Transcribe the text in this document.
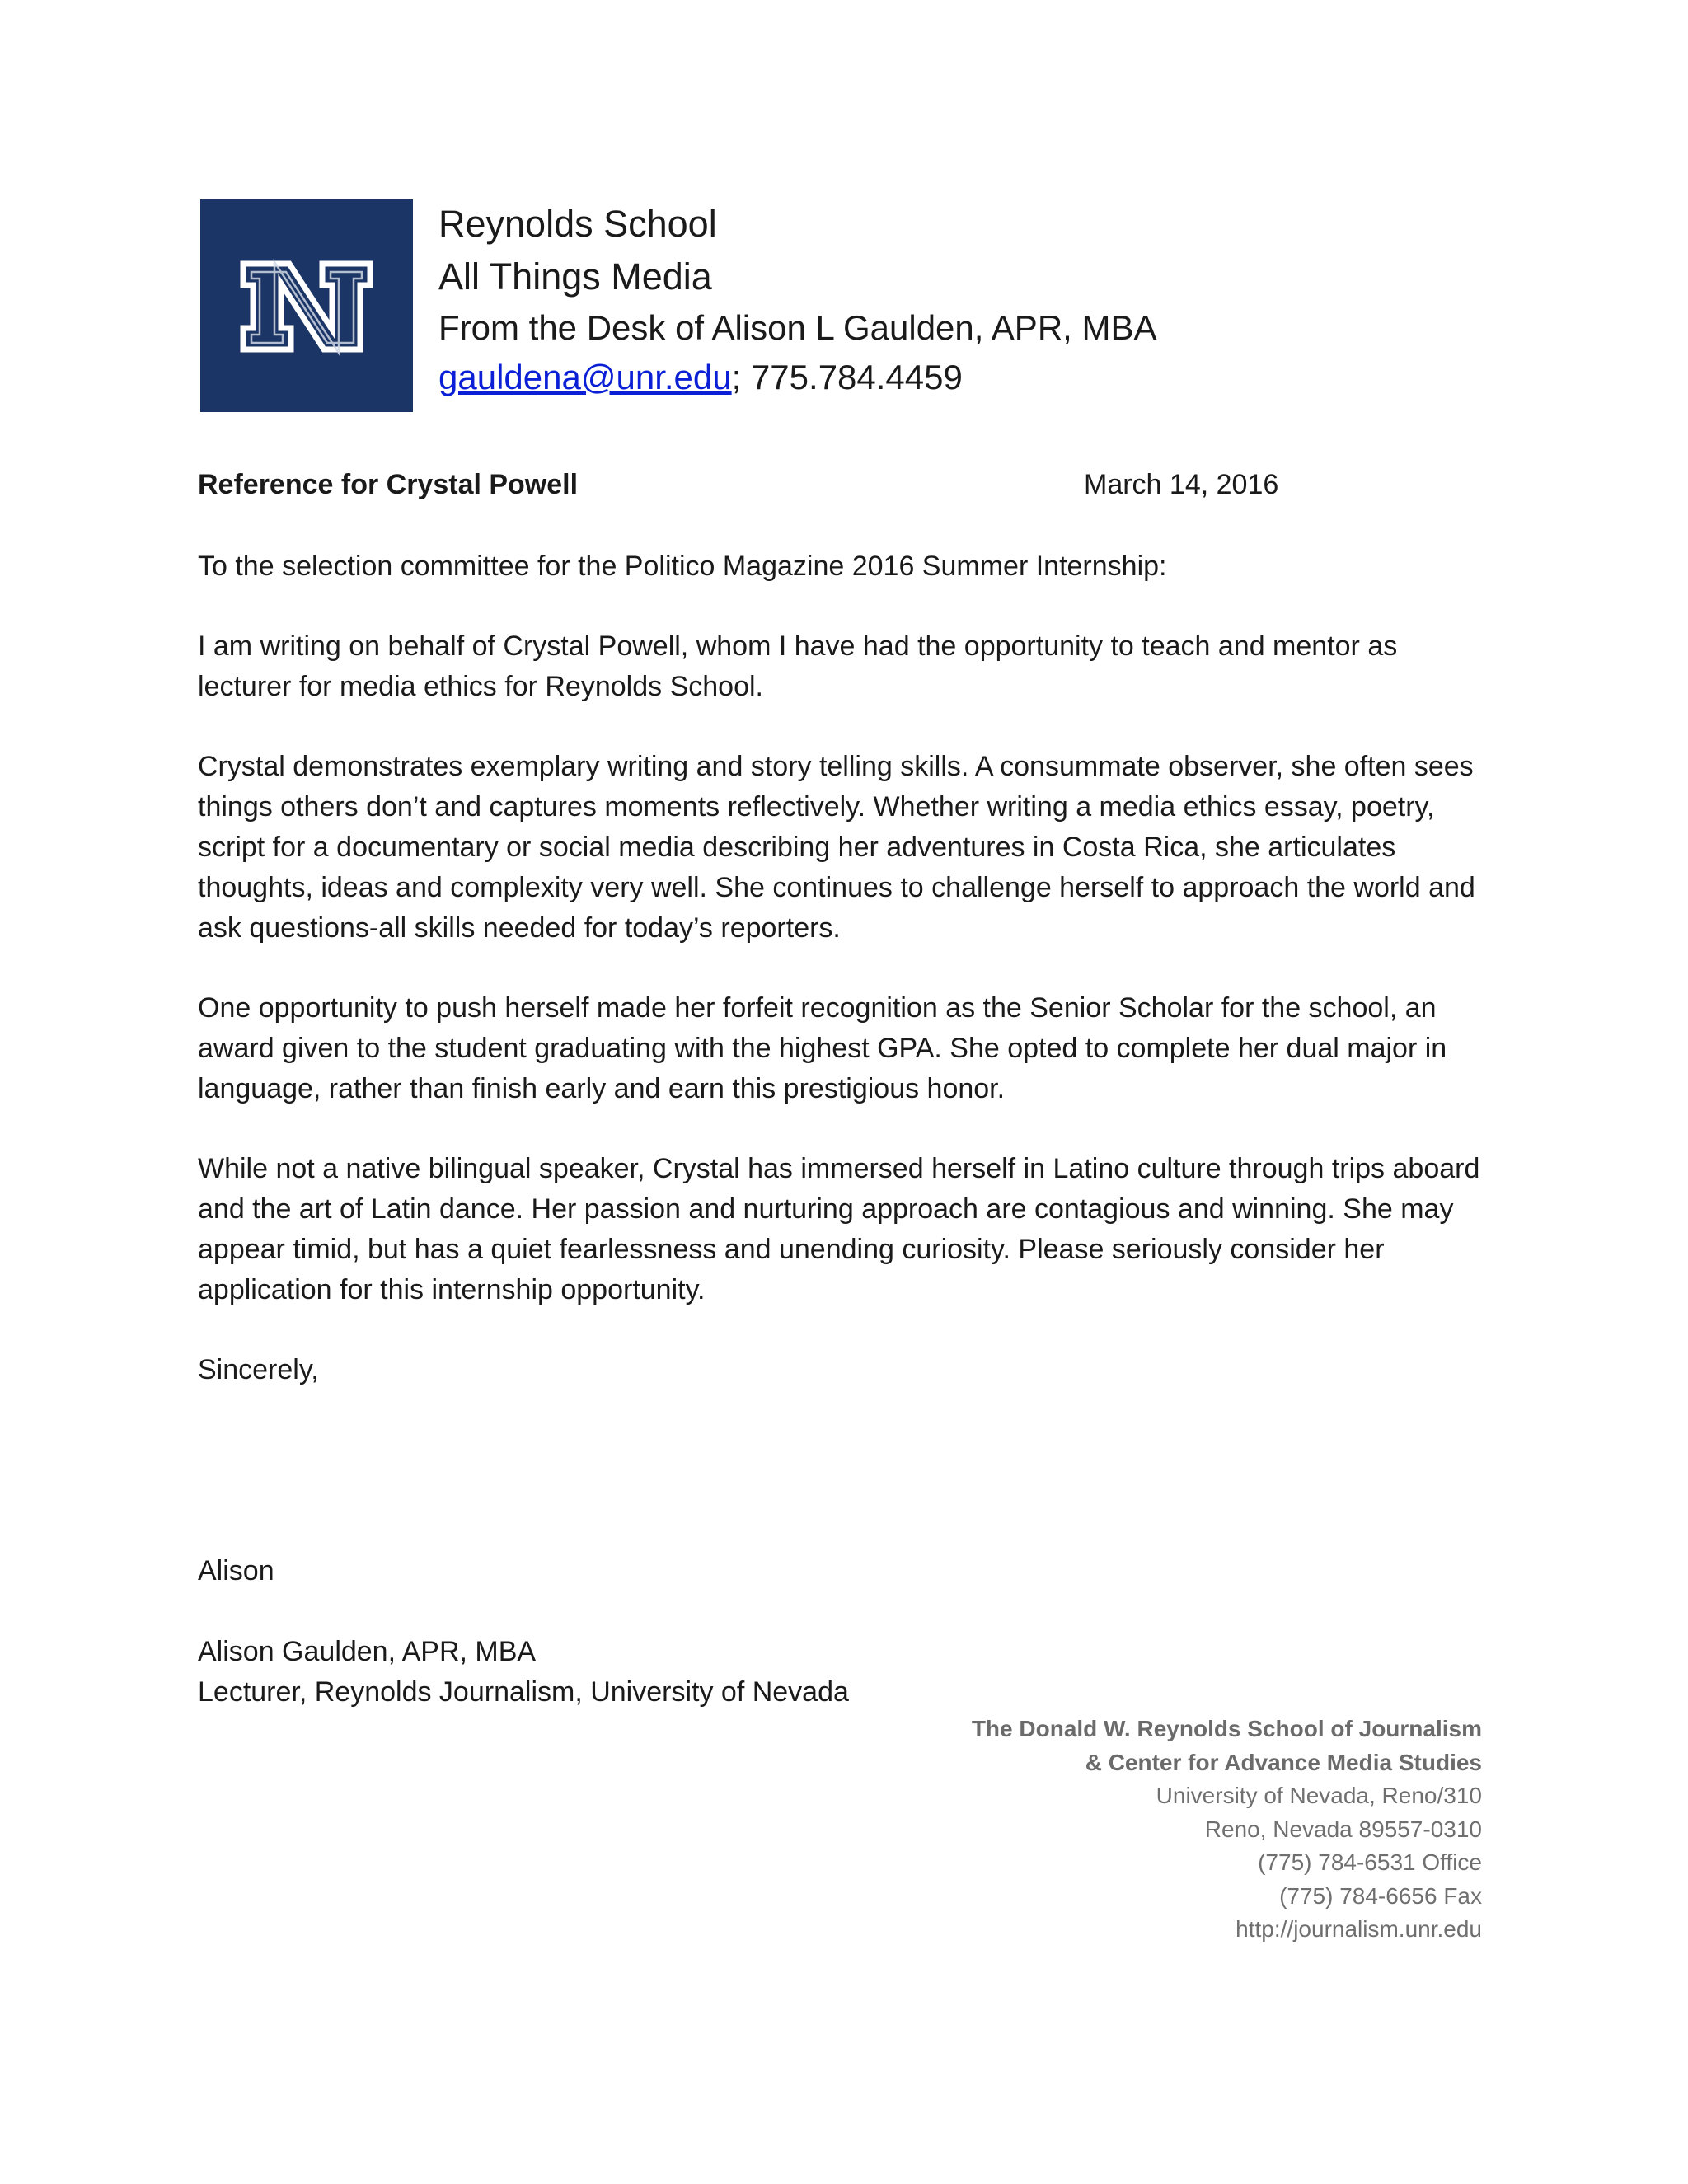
Reynolds School
All Things Media
From the Desk of Alison L Gaulden, APR, MBA
gauldena@unr.edu; 775.784.4459
Reference for Crystal Powell	March 14, 2016

To the selection committee for the Politico Magazine 2016 Summer Internship:

I am writing on behalf of Crystal Powell, whom I have had the opportunity to teach and mentor as lecturer for media ethics for Reynolds School.

Crystal demonstrates exemplary writing and story telling skills. A consummate observer, she often sees things others don’t and captures moments reflectively. Whether writing a media ethics essay, poetry, script for a documentary or social media describing her adventures in Costa Rica, she articulates thoughts, ideas and complexity very well. She continues to challenge herself to approach the world and ask questions-all skills needed for today’s reporters.

One opportunity to push herself made her forfeit recognition as the Senior Scholar for the school, an award given to the student graduating with the highest GPA. She opted to complete her dual major in language, rather than finish early and earn this prestigious honor.

While not a native bilingual speaker, Crystal has immersed herself in Latino culture through trips aboard and the art of Latin dance. Her passion and nurturing approach are contagious and winning. She may appear timid, but has a quiet fearlessness and unending curiosity. Please seriously consider her application for this internship opportunity.

Sincerely,

Alison
Alison Gaulden, APR, MBA
Lecturer, Reynolds Journalism, University of Nevada
The Donald W. Reynolds School of Journalism
& Center for Advance Media Studies
University of Nevada, Reno/310
Reno, Nevada 89557-0310
(775) 784-6531 Office
(775) 784-6656 Fax
http://journalism.unr.edu
